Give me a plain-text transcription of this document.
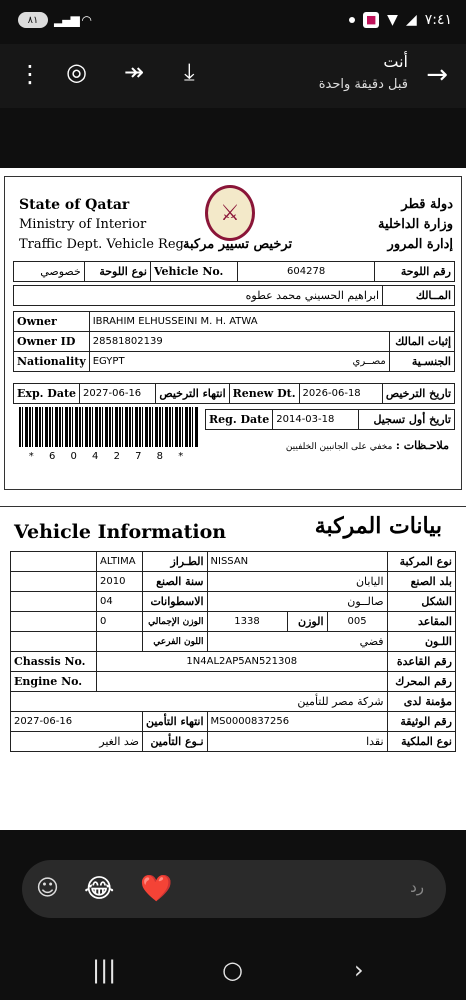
٨١	▂▄▆ ◠	■ ▼ ◢ ٧:٤١
⋮ ◎ ↠ ⤓	أنت
قبل دقيقة واحدة →
State of Qatar
Ministry of Interior
Traffic Dept. Vehicle Reg.
⚔
ترخيص تسيير مركبة
دولة قطر
وزارة الداخلية
إدارة المرور
خصوصي	نوع اللوحة	Vehicle No.	604278	رقم اللوحة
ابراهيم الحسيني محمد عطوه	المــالك
Owner	IBRAHIM ELHUSSEINI M. H. ATWA	
Owner ID	28581802139	إثبات المالك
Nationality	EGYPT مصــري	الجنسـية
Exp. Date	2027-06-16	انتهاء الترخيص	Renew Dt.	2026-06-18	تاريخ الترخيص
* 6 0 4 2 7 8 *
Reg. Date	2014-03-18	تاريخ أول تسجيل
ملاحـظات : مخفي على الجانبين الخلفيين
Vehicle Information	بيانات المركبة
	ALTIMA	الطـراز	NISSAN			نوع المركبة
	2010	سنة الصنع	اليابان			بلد الصنع
	04	الاسطوانات	صالــون			الشكل
	0	الوزن الإجمالي	1338	الوزن	005	المقاعد
		اللون الفرعي	فضي			اللـون
Chassis No.	1N4AL2AP5AN521308					رقم القاعدة
Engine No.						رقم المحرك
شركة مصر للتأمين						مؤمنة لدى
2027-06-16		انتهاء التأمين	MS0000837256			رقم الوثيقة
ضد الغير		نـوع التأمين	نقدا			نوع الملكية
☺	رد
😂 ❤️
|||	○	›
